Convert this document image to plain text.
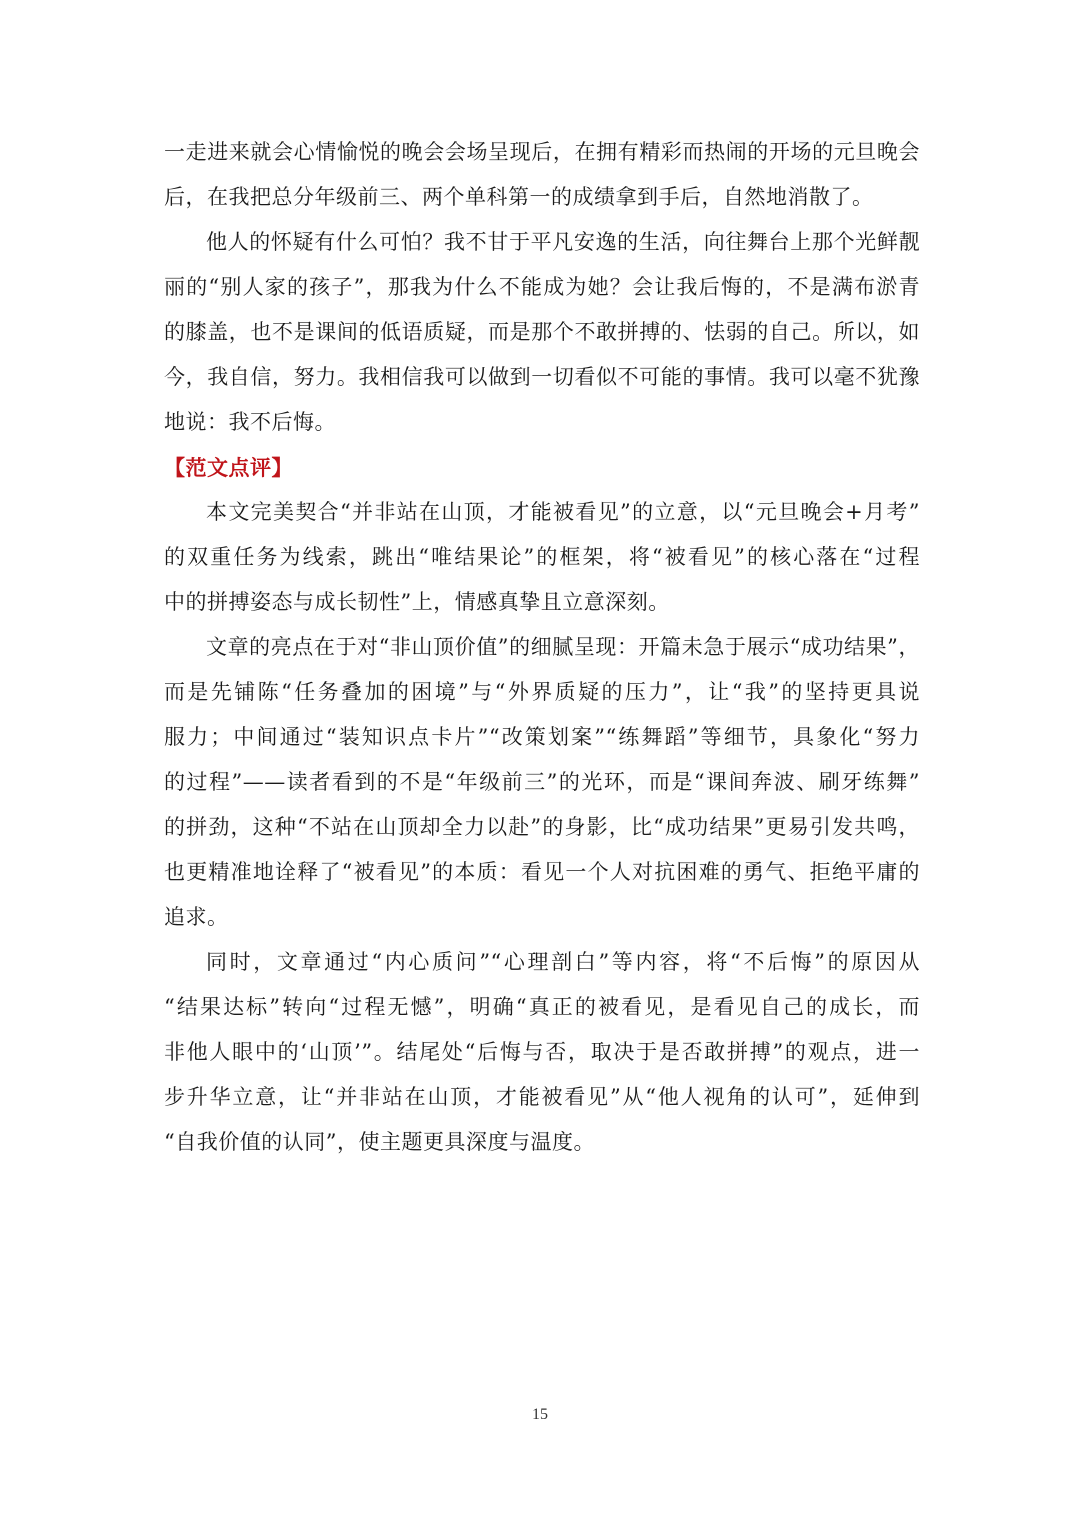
一走进来就会心情愉悦的晚会会场呈现后，在拥有精彩而热闹的开场的元旦晚会
后，在我把总分年级前三、两个单科第一的成绩拿到手后，自然地消散了。

他人的怀疑有什么可怕？我不甘于平凡安逸的生活，向往舞台上那个光鲜靓
丽的“别人家的孩子”，那我为什么不能成为她？会让我后悔的，不是满布淤青
的膝盖，也不是课间的低语质疑，而是那个不敢拼搏的、怯弱的自己。所以，如
今，我自信，努力。我相信我可以做到一切看似不可能的事情。我可以毫不犹豫
地说：我不后悔。

【范文点评】

本文完美契合“并非站在山顶，才能被看见”的立意，以“元旦晚会+月考”
的双重任务为线索，跳出“唯结果论”的框架，将“被看见”的核心落在“过程
中的拼搏姿态与成长韧性”上，情感真挚且立意深刻。

文章的亮点在于对“非山顶价值”的细腻呈现：开篇未急于展示“成功结果”，
而是先铺陈“任务叠加的困境”与“外界质疑的压力”，让“我”的坚持更具说
服力；中间通过“装知识点卡片”“改策划案”“练舞蹈”等细节，具象化“努力
的过程”——读者看到的不是“年级前三”的光环，而是“课间奔波、刷牙练舞”
的拼劲，这种“不站在山顶却全力以赴”的身影，比“成功结果”更易引发共鸣，
也更精准地诠释了“被看见”的本质：看见一个人对抗困难的勇气、拒绝平庸的
追求。

同时，文章通过“内心质问”“心理剖白”等内容，将“不后悔”的原因从
“结果达标”转向“过程无憾”，明确“真正的被看见，是看见自己的成长，而
非他人眼中的‘山顶’”。结尾处“后悔与否，取决于是否敢拼搏”的观点，进一
步升华立意，让“并非站在山顶，才能被看见”从“他人视角的认可”，延伸到
“自我价值的认同”，使主题更具深度与温度。

15
